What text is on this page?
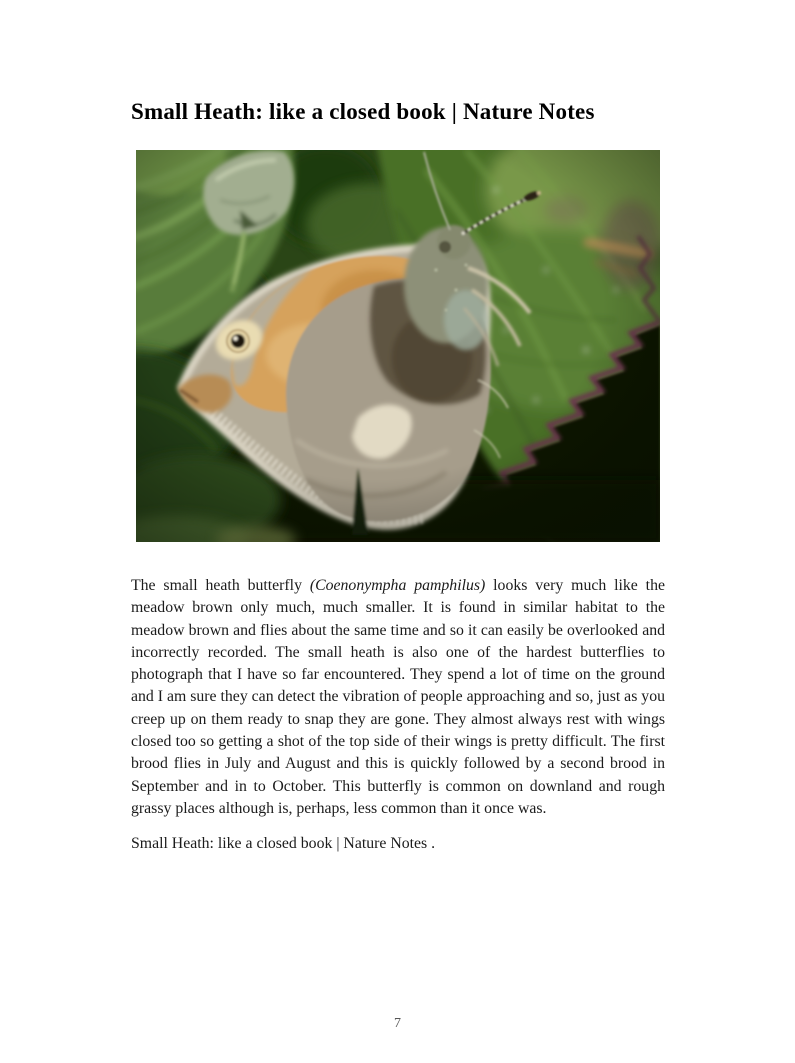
Small Heath: like a closed book | Nature Notes

The small heath butterfly (Coenonympha pamphilus) looks very much like the meadow brown only much, much smaller. It is found in similar habitat to the meadow brown and flies about the same time and so it can easily be overlooked and incorrectly recorded. The small heath is also one of the hardest butterflies to photograph that I have so far encountered. They spend a lot of time on the ground and I am sure they can detect the vibration of people approaching and so, just as you creep up on them ready to snap they are gone. They almost always rest with wings closed too so getting a shot of the top side of their wings is pretty difficult. The first brood flies in July and August and this is quickly followed by a second brood in September and in to October. This butterfly is common on downland and rough grassy places although is, perhaps, less common than it once was.

Small Heath: like a closed book | Nature Notes .

7
